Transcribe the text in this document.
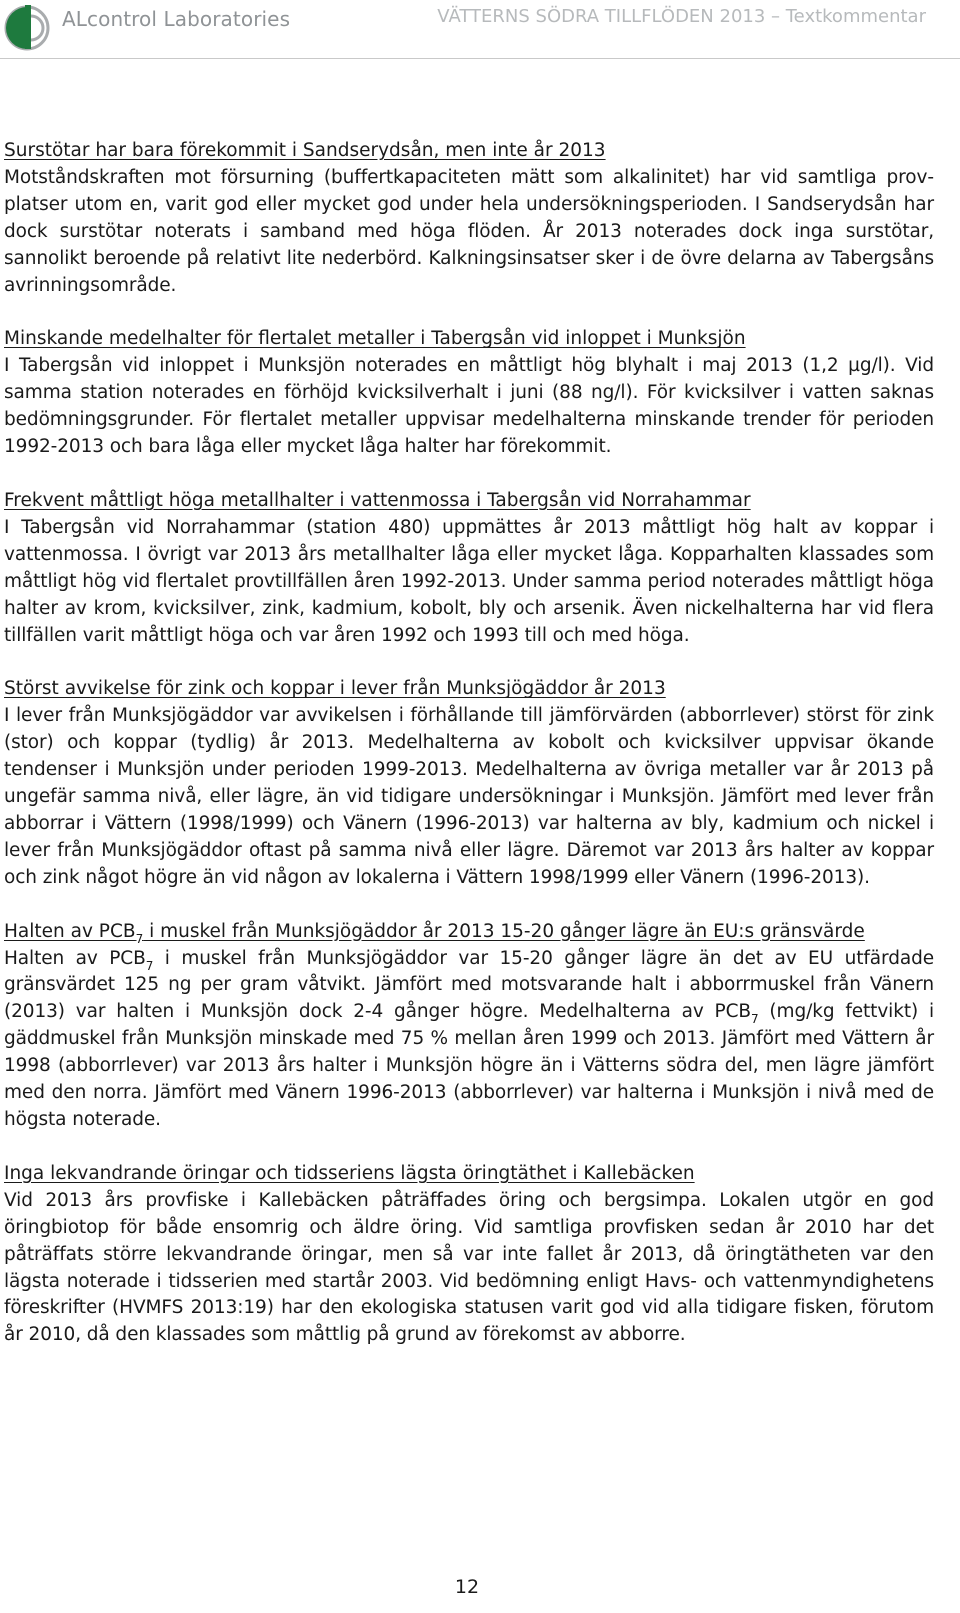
ALcontrol Laboratories	VÄTTERNS SÖDRA TILLFLÖDEN 2013 – Textkommentar
Surstötar har bara förekommit i Sandserydsån, men inte år 2013
Motståndskraften mot försurning (buffertkapaciteten mätt som alkalinitet) har vid samtliga provplatser utom en, varit god eller mycket god under hela undersökningsperioden. I Sandserydsån har dock surstötar noterats i samband med höga flöden. År 2013 noterades dock inga surstötar, sannolikt beroende på relativt lite nederbörd. Kalkningsinsatser sker i de övre delarna av Tabergsåns avrinningsområde.
Minskande medelhalter för flertalet metaller i Tabergsån vid inloppet i Munksjön
I Tabergsån vid inloppet i Munksjön noterades en måttligt hög blyhalt i maj 2013 (1,2 µg/l). Vid samma station noterades en förhöjd kvicksilverhalt i juni (88 ng/l). För kvicksilver i vatten saknas bedömningsgrunder. För flertalet metaller uppvisar medelhalterna minskande trender för perioden 1992-2013 och bara låga eller mycket låga halter har förekommit.
Frekvent måttligt höga metallhalter i vattenmossa i Tabergsån vid Norrahammar
I Tabergsån vid Norrahammar (station 480) uppmättes år 2013 måttligt hög halt av koppar i vattenmossa. I övrigt var 2013 års metallhalter låga eller mycket låga. Kopparhalten klassades som måttligt hög vid flertalet provtillfällen åren 1992-2013. Under samma period noterades måttligt höga halter av krom, kvicksilver, zink, kadmium, kobolt, bly och arsenik. Även nickelhalterna har vid flera tillfällen varit måttligt höga och var åren 1992 och 1993 till och med höga.
Störst avvikelse för zink och koppar i lever från Munksjögäddor år 2013
I lever från Munksjögäddor var avvikelsen i förhållande till jämförvärden (abborrlever) störst för zink (stor) och koppar (tydlig) år 2013. Medelhalterna av kobolt och kvicksilver uppvisar ökande tendenser i Munksjön under perioden 1999-2013. Medelhalterna av övriga metaller var år 2013 på ungefär samma nivå, eller lägre, än vid tidigare undersökningar i Munksjön. Jämfört med lever från abborrar i Vättern (1998/1999) och Vänern (1996-2013) var halterna av bly, kadmium och nickel i lever från Munksjögäddor oftast på samma nivå eller lägre. Däremot var 2013 års halter av koppar och zink något högre än vid någon av lokalerna i Vättern 1998/1999 eller Vänern (1996-2013).
Halten av $PCB_7$ i muskel från Munksjögäddor år 2013 15-20 gånger lägre än EU:s gränsvärde
Halten av $PCB_7$ i muskel från Munksjögäddor var 15-20 gånger lägre än det av EU utfärdade gränsvärdet 125 ng per gram våtvikt. Jämfört med motsvarande halt i abborrmuskel från Vänern (2013) var halten i Munksjön dock 2-4 gånger högre. Medelhalterna av $PCB_7$ (mg/kg fettvikt) i gäddmuskel från Munksjön minskade med 75 % mellan åren 1999 och 2013. Jämfört med Vättern år 1998 (abborrlever) var 2013 års halter i Munksjön högre än i Vätterns södra del, men lägre jämfört med den norra. Jämfört med Vänern 1996-2013 (abborrlever) var halterna i Munksjön i nivå med de högsta noterade.
Inga lekvandrande öringar och tidsseriens lägsta öringtäthet i Kallebäcken
Vid 2013 års provfiske i Kallebäcken påträffades öring och bergsimpa. Lokalen utgör en god öringbiotop för både ensomrig och äldre öring. Vid samtliga provfisken sedan år 2010 har det påträffats större lekvandrande öringar, men så var inte fallet år 2013, då öringtätheten var den lägsta noterade i tidsserien med startår 2003. Vid bedömning enligt Havs- och vattenmyndighetens föreskrifter (HVMFS 2013:19) har den ekologiska statusen varit god vid alla tidigare fisken, förutom år 2010, då den klassades som måttlig på grund av förekomst av abborre.
12
